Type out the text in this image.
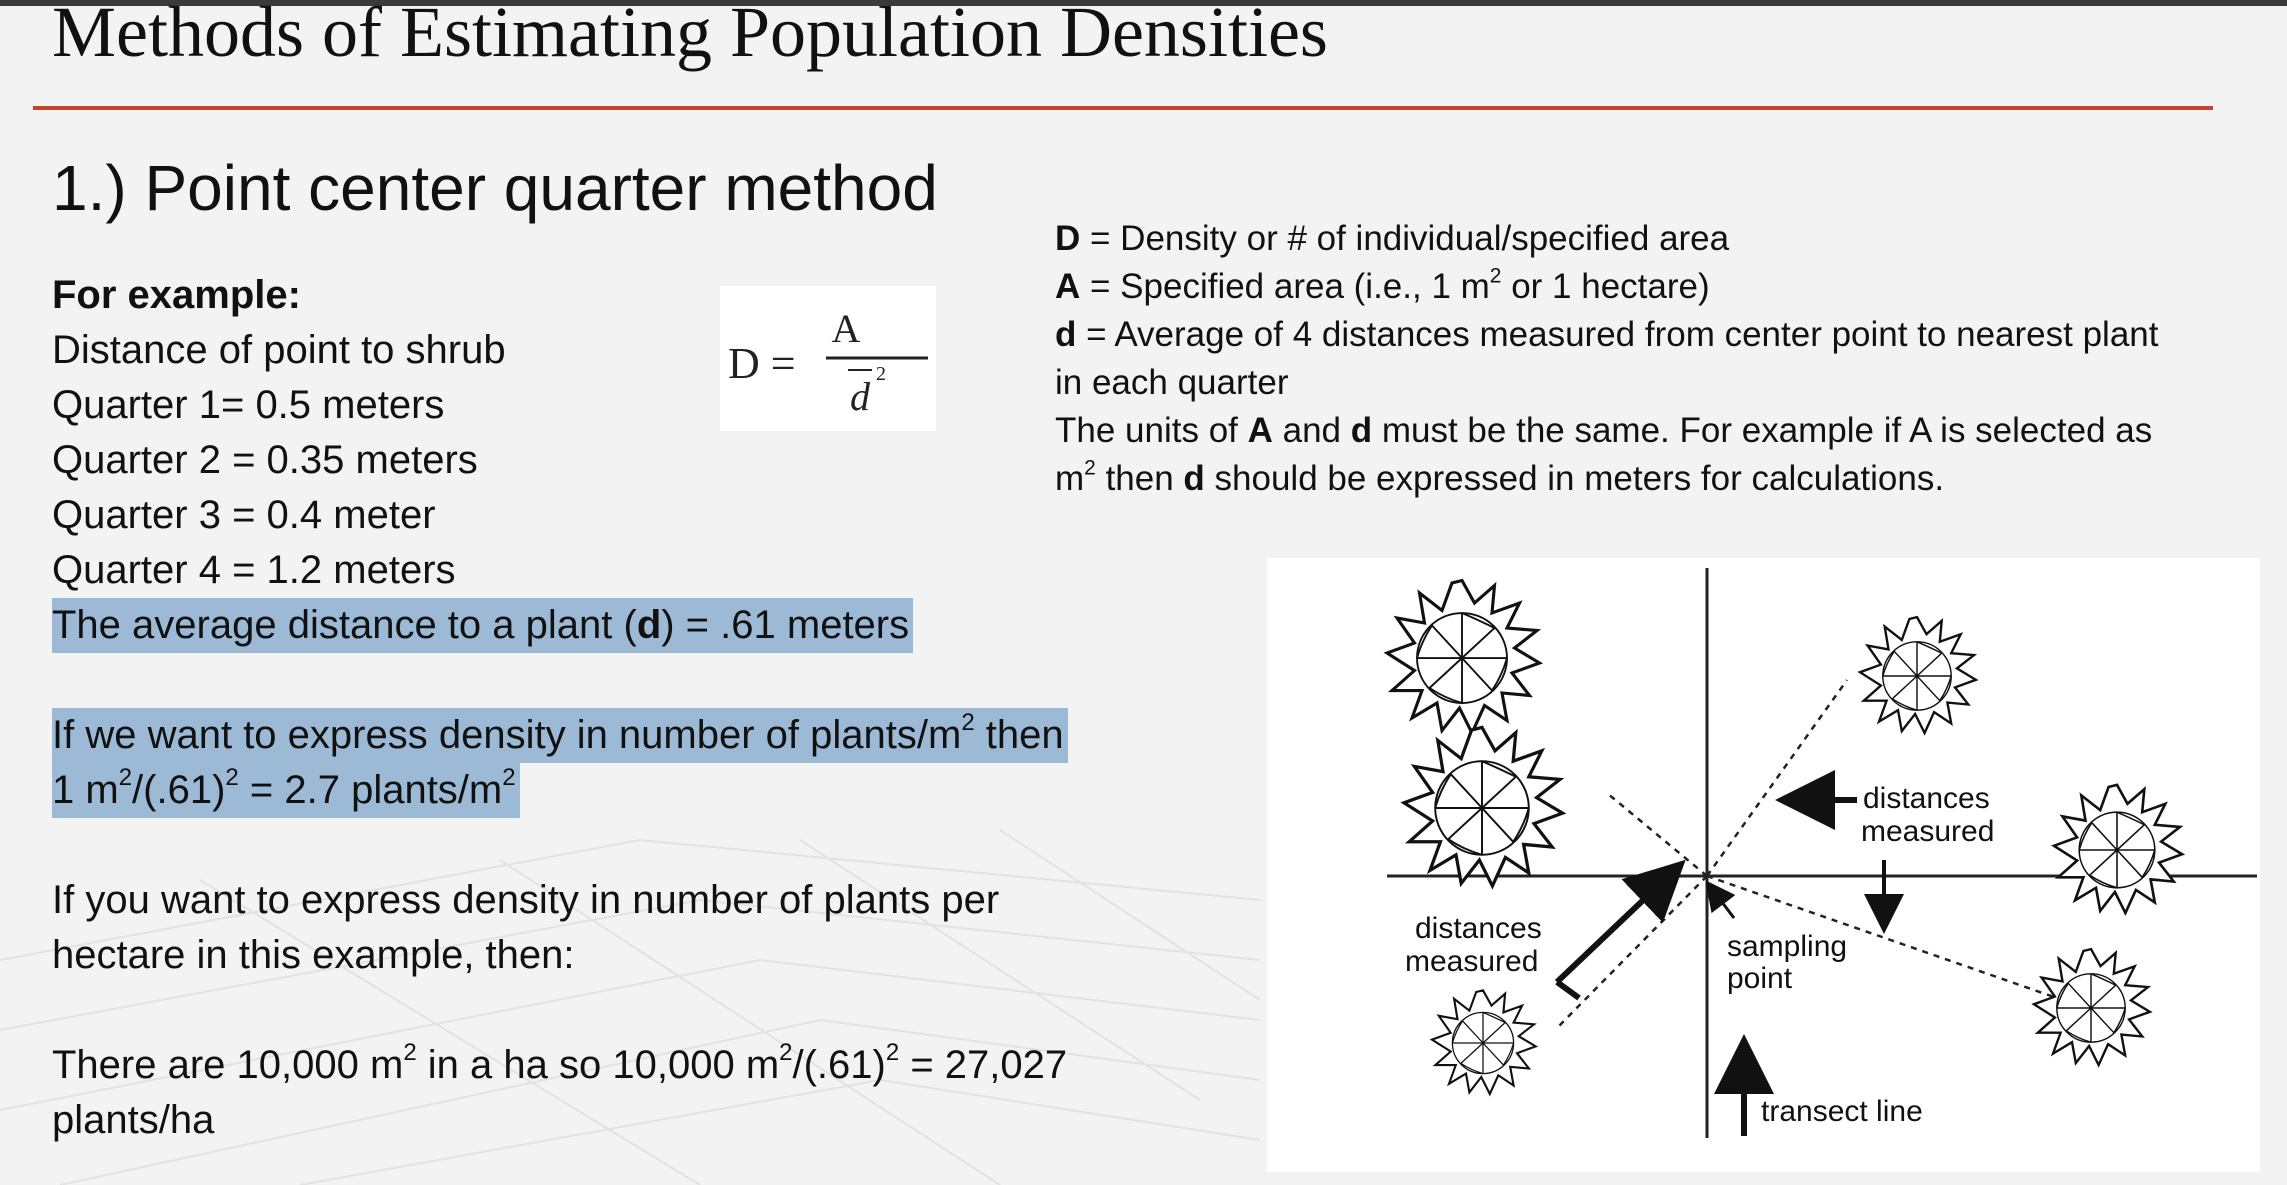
Methods of Estimating Population Densities
1.) Point center quarter method
For example:
Distance of point to shrub
Quarter 1= 0.5 meters
Quarter 2 = 0.35 meters
Quarter 3 = 0.4 meter
Quarter 4 = 1.2 meters
The average distance to a plant (d) = .61 meters
If we want to express density in number of plants/$m^2$ then
1 $m^2/(.61)^2 = 2.7$ plants/$m^2$
If you want to express density in number of plants per
hectare in this example, then:
There are 10,000 $m^2$ in a ha so 10,000 $m^2/(.61)^2 = 27,027$
plants/ha
D =
A
d 2
D = Density or # of individual/specified area
A = Specified area (i.e., 1 $m^2$ or 1 hectare)
d = Average of 4 distances measured from center point to nearest plant
in each quarter
The units of A and d must be the same. For example if A is selected as
$m^2$ then d should be expressed in meters for calculations.
distances
measured
distances
measured	sampling
point
transect line
